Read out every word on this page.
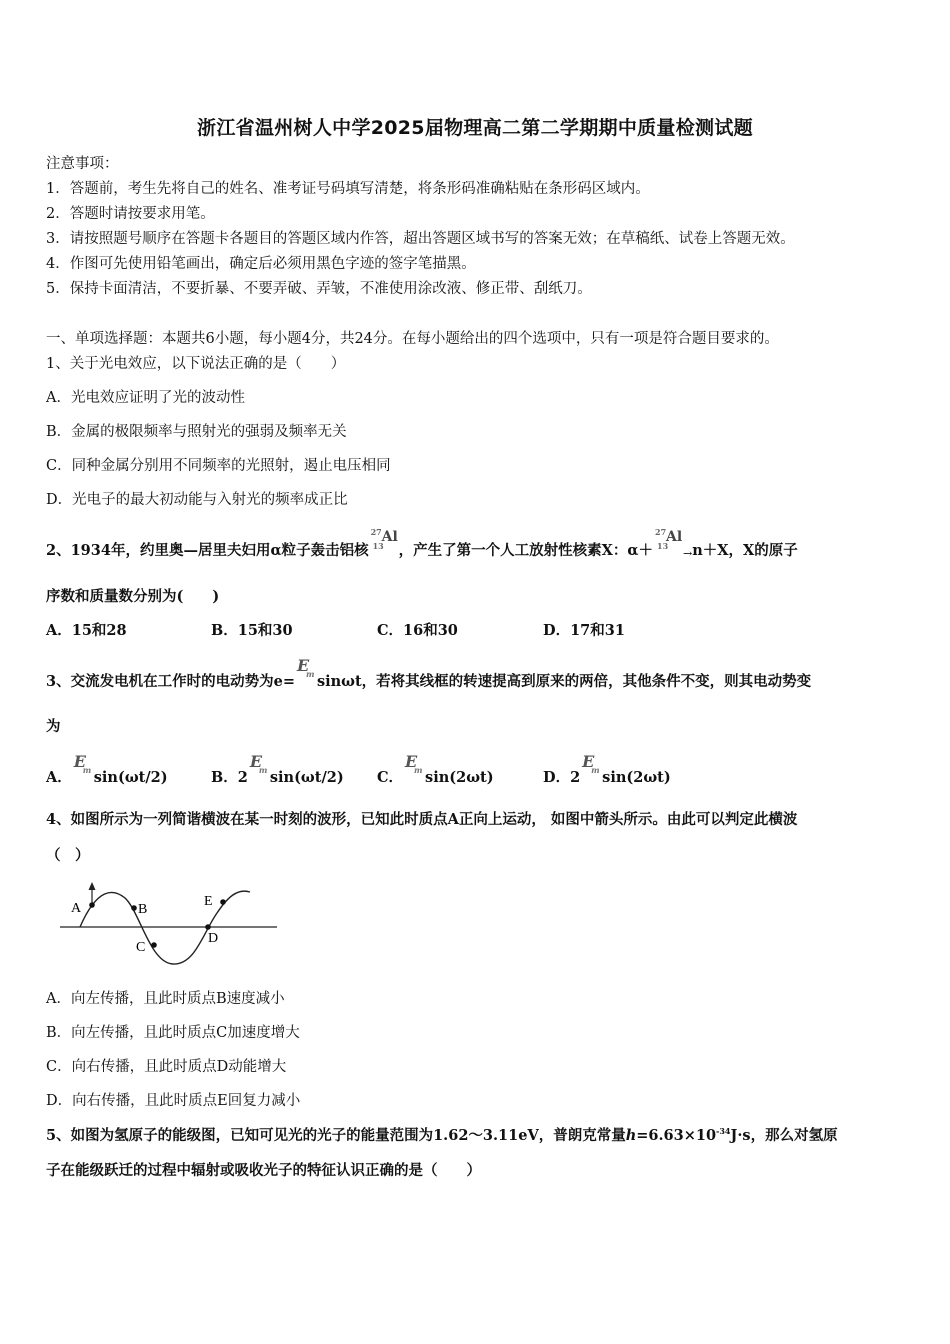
浙江省温州树人中学2025届物理高二第二学期期中质量检测试题
注意事项：
1．答题前，考生先将自己的姓名、准考证号码填写清楚，将条形码准确粘贴在条形码区域内。
2．答题时请按要求用笔。
3．请按照题号顺序在答题卡各题目的答题区域内作答，超出答题区域书写的答案无效；在草稿纸、试卷上答题无效。
4．作图可先使用铅笔画出，确定后必须用黑色字迹的签字笔描黑。
5．保持卡面清洁，不要折暴、不要弄破、弄皱，不准使用涂改液、修正带、刮纸刀。
一、单项选择题：本题共6小题，每小题4分，共24分。在每小题给出的四个选项中，只有一项是符合题目要求的。
1、关于光电效应，以下说法正确的是（　　）
A．光电效应证明了光的波动性
B．金属的极限频率与照射光的强弱及频率无关
C．同种金属分别用不同频率的光照射，遏止电压相同
D．光电子的最大初动能与入射光的频率成正比
2、1934年，约里奥—居里夫妇用α粒子轰击铝核
27
13
Al
，产生了第一个人工放射性核素X：α＋
27
13
Al
→n＋X，X的原子
序数和质量数分别为(　　)
A．15和28	B．15和30	C．16和30	D．17和31
3、交流发电机在工作时的电动势为e=
E
m sinωt，若将其线框的转速提高到原来的两倍，其他条件不变，则其电动势变
为
A．
E
m sin(ωt/2)	B．2
E
m sin(ωt/2) C．
E
m sin(2ωt)	D．2
E
m sin(2ωt)
4、如图所示为一列简谐横波在某一时刻的波形，已知此时质点A正向上运动， 如图中箭头所示。由此可以判定此横波
（　）
A	B
C
D
E
A．向左传播，且此时质点B速度减小
B．向左传播，且此时质点C加速度增大
C．向右传播，且此时质点D动能增大
D．向右传播，且此时质点E回复力减小
5、如图为氢原子的能级图，已知可见光的光子的能量范围为1.62～3.11eV，普朗克常量$h=6.63\times 10^{-34}J\cdot s$，那么对氢原
子在能级跃迁的过程中辐射或吸收光子的特征认识正确的是（　　）
